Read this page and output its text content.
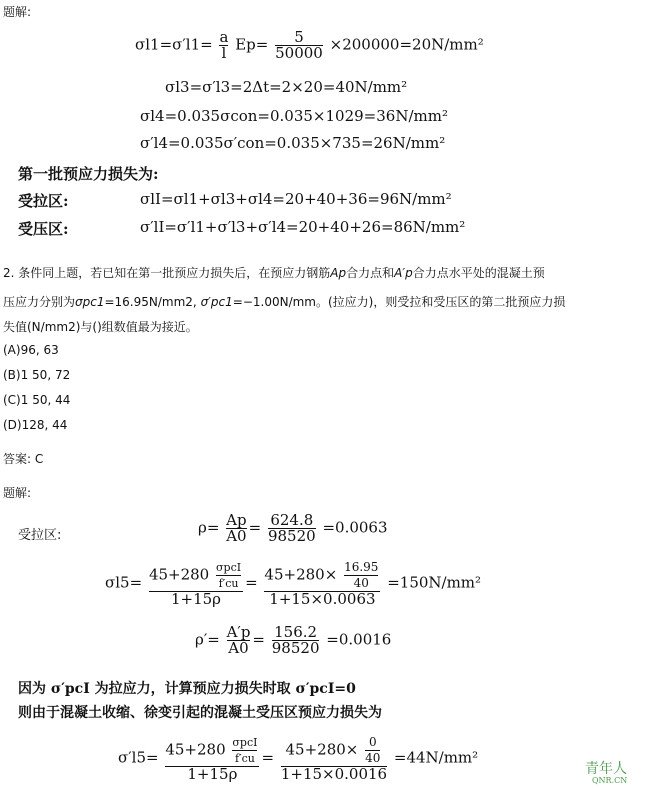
题解:
$\sigma l1=\sigma'l1= \frac{a}{l} Ep= \frac{5}{50000} \times 200000=20N/mm^2$
σl3=σ′l3=2Δt=2×20=40N/mm²
σl4=0.035σcon=0.035×1029=36N/mm²
σ′l4=0.035σ′con=0.035×735=26N/mm²
第一批预应力损失为:
受拉区:	σlⅠ=σl1+σl3+σl4=20+40+36=96N/mm²
受压区:	σ′lⅠ=σ′l1+σ′l3+σ′l4=20+40+26=86N/mm²
2. 条件同上题，若已知在第一批预应力损失后，在预应力钢筋Ap合力点和A′p合力点水平处的混凝土预
压应力分别为σpc1=16.95N/mm2, σ′pc1=−1.00N/mm。(拉应力)，则受拉和受压区的第二批预应力损
失值(N/mm2)与()组数值最为接近。
(A)96, 63
(B)1 50, 72
(C)1 50, 44
(D)128, 44
答案: C
题解:
受拉区:	$\rho= \frac{Ap}{A0} = \frac{624.8}{98520} =0.0063$
$\sigma l5= \frac{45+280 \frac{\text{σpcⅠ}}{f'cu}}{1+15\rho} = \frac{45+280\times \frac{16.95}{40}}{1+15\times 0.0063} =150N/mm^2$
$\rho'= \frac{A'p}{A0} = \frac{156.2}{98520} =0.0016$
因为 σ′pcⅠ 为拉应力，计算预应力损失时取 σ′pcⅠ=0
则由于混凝土收缩、徐变引起的混凝土受压区预应力损失为
$\sigma'l5= \frac{45+280 \frac{\text{σpcⅠ}}{f'cu}}{1+15\rho} = \frac{45+280\times \frac{0}{40}}{1+15\times 0.0016} =44N/mm^2$
青年人
QNR.CN
